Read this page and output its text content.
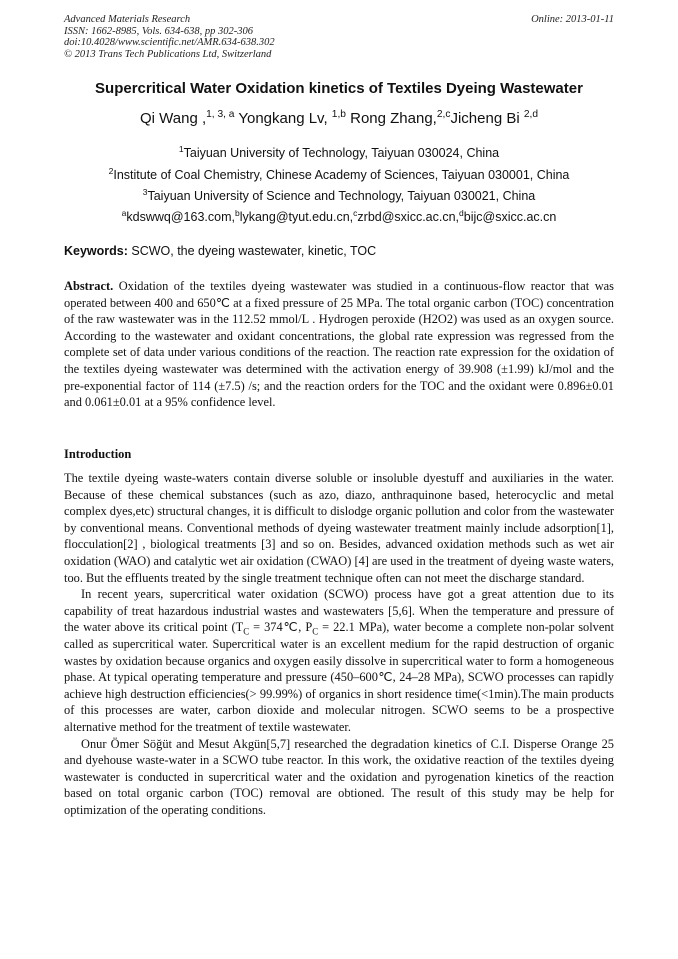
Advanced Materials Research
ISSN: 1662-8985, Vols. 634-638, pp 302-306
doi:10.4028/www.scientific.net/AMR.634-638.302
© 2013 Trans Tech Publications Ltd, Switzerland
Online: 2013-01-11
Supercritical Water Oxidation kinetics of Textiles Dyeing Wastewater
Qi Wang ,$^{1, 3, a}$ Yongkang Lv, $^{1,b}$ Rong Zhang,$^{2,c}$Jicheng Bi $^{2,d}$
$^1$Taiyuan University of Technology, Taiyuan 030024, China
$^2$Institute of Coal Chemistry, Chinese Academy of Sciences, Taiyuan 030001, China
$^3$Taiyuan University of Science and Technology, Taiyuan 030021, China
$^a$kdswwq@163.com,$^b$lykang@tyut.edu.cn,$^c$zrbd@sxicc.ac.cn,$^d$bijc@sxicc.ac.cn
Keywords: SCWO, the dyeing wastewater, kinetic, TOC
Abstract. Oxidation of the textiles dyeing wastewater was studied in a continuous-flow reactor that was operated between 400 and 650℃ at a fixed pressure of 25 MPa. The total organic carbon (TOC) concentration of the raw wastewater was in the 112.52 mmol/L . Hydrogen peroxide (H2O2) was used as an oxygen source. According to the wastewater and oxidant concentrations, the global rate expression was regressed from the complete set of data under various conditions of the reaction. The reaction rate expression for the oxidation of the textiles dyeing wastewater was determined with the activation energy of 39.908 (±1.99) kJ/mol and the pre-exponential factor of 114 (±7.5) /s; and the reaction orders for the TOC and the oxidant were 0.896±0.01 and 0.061±0.01 at a 95% confidence level.
Introduction

The textile dyeing waste-waters contain diverse soluble or insoluble dyestuff and auxiliaries in the water. Because of these chemical substances (such as azo, diazo, anthraquinone based, heterocyclic and metal complex dyes,etc) structural changes, it is difficult to dislodge organic pollution and color from the wastewater by conventional means. Conventional methods of dyeing wastewater treatment mainly include adsorption[1], flocculation[2] , biological treatments [3] and so on. Besides, advanced oxidation methods such as wet air oxidation (WAO) and catalytic wet air oxidation (CWAO) [4] are used in the treatment of dyeing waste waters, too. But the effluents treated by the single treatment technique often can not meet the discharge standard.

In recent years, supercritical water oxidation (SCWO) process have got a great attention due to its capability of treat hazardous industrial wastes and wastewaters [5,6]. When the temperature and pressure of the water above its critical point ($T_C$ = 374℃, $P_C = 22.1$ MPa), water become a complete non-polar solvent called as supercritical water. Supercritical water is an excellent medium for the rapid destruction of organic wastes by oxidation because organics and oxygen easily dissolve in supercritical water to form a homogeneous phase. At typical operating temperature and pressure (450–600℃, 24–28 MPa), SCWO processes can rapidly achieve high destruction efficiencies(> 99.99%) of organics in short residence time(<1min).The main products of this processes are water, carbon dioxide and molecular nitrogen. SCWO seems to be a prospective alternative method for the treatment of textile wastewater.

Onur Ömer Söğüt and Mesut Akgün[5,7] researched the degradation kinetics of C.I. Disperse Orange 25 and dyehouse waste-water in a SCWO tube reactor. In this work, the oxidative reaction of the textiles dyeing wastewater is conducted in supercritical water and the oxidation and pyrogenation kinetics of the reaction based on total organic carbon (TOC) removal are obtioned. The result of this study may be help for optimization of the operating conditions.
